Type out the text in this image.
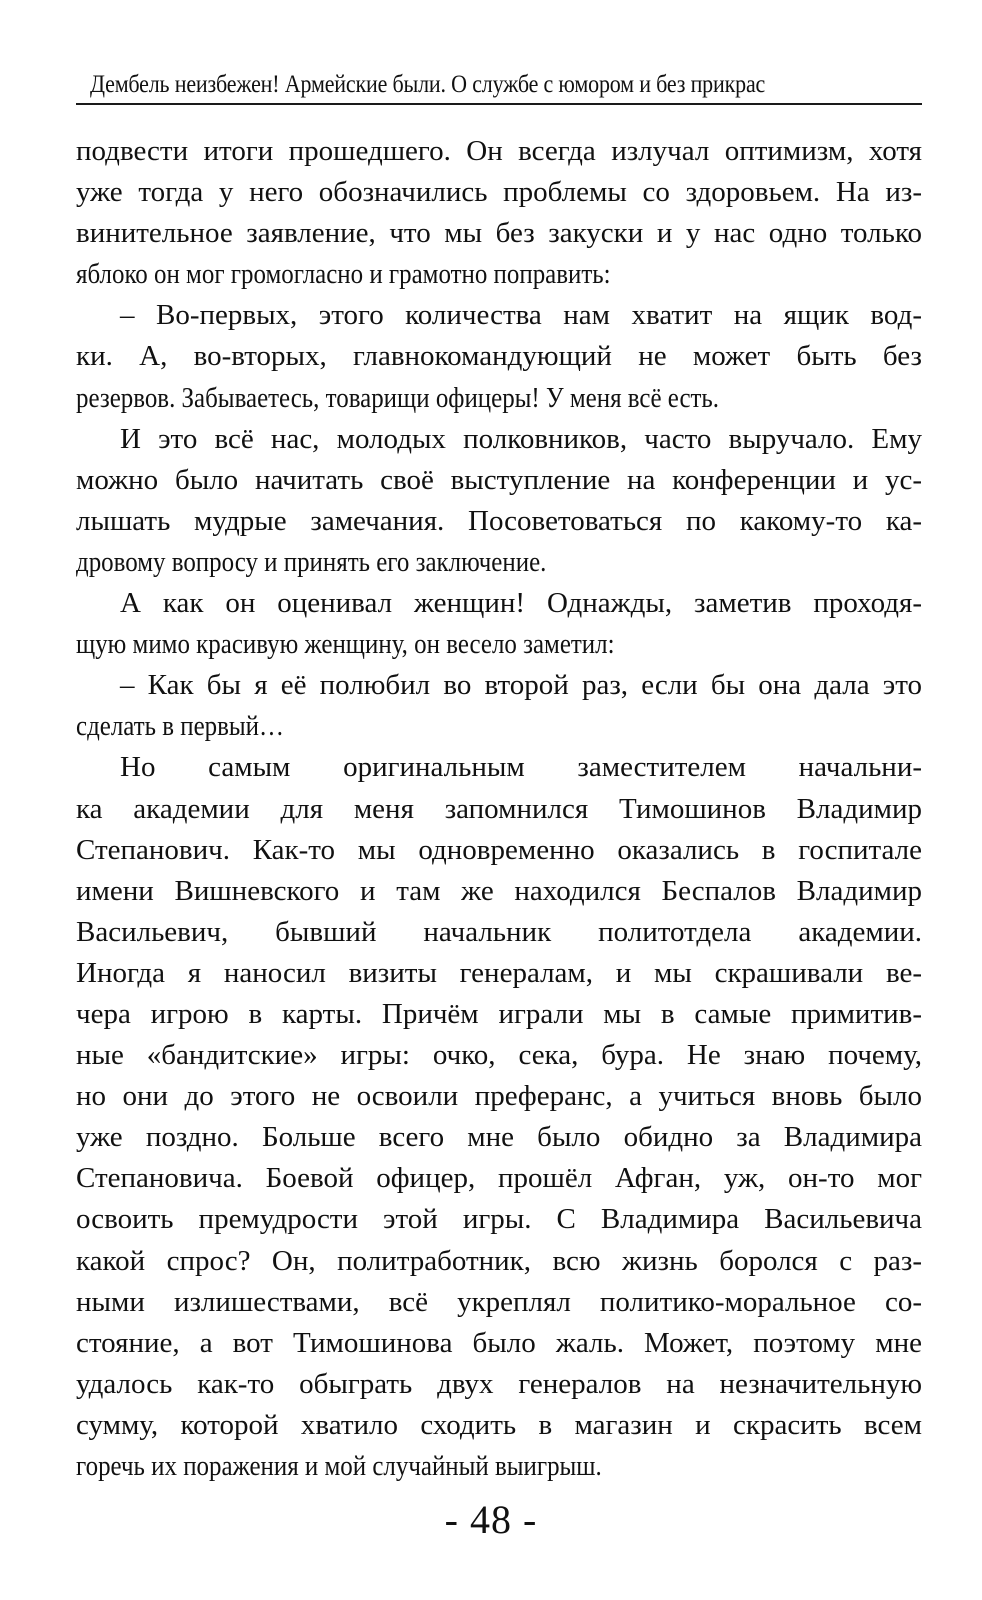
Дембель неизбежен! Армейские были. О службе с юмором и без прикрас
подвести итоги прошедшего. Он всегда излучал оптимизм, хотя
уже тогда у него обозначились проблемы со здоровьем. На из-
винительное заявление, что мы без закуски и у нас одно только
яблоко он мог громогласно и грамотно поправить:
– Во-первых, этого количества нам хватит на ящик вод-
ки. А, во-вторых, главнокомандующий не может быть без
резервов. Забываетесь, товарищи офицеры! У меня всё есть.
И это всё нас, молодых полковников, часто выручало. Ему
можно было начитать своё выступление на конференции и ус-
лышать мудрые замечания. Посоветоваться по какому-то ка-
дровому вопросу и принять его заключение.
А как он оценивал женщин! Однажды, заметив проходя-
щую мимо красивую женщину, он весело заметил:
– Как бы я её полюбил во второй раз, если бы она дала это
сделать в первый…
Но самым оригинальным заместителем начальни-
ка академии для меня запомнился Тимошинов Владимир
Степанович. Как-то мы одновременно оказались в госпитале
имени Вишневского и там же находился Беспалов Владимир
Васильевич, бывший начальник политотдела академии.
Иногда я наносил визиты генералам, и мы скрашивали ве-
чера игрою в карты. Причём играли мы в самые примитив-
ные «бандитские» игры: очко, сека, бура. Не знаю почему,
но они до этого не освоили преферанс, а учиться вновь было
уже поздно. Больше всего мне было обидно за Владимира
Степановича. Боевой офицер, прошёл Афган, уж, он-то мог
освоить премудрости этой игры. С Владимира Васильевича
какой спрос? Он, политработник, всю жизнь боролся с раз-
ными излишествами, всё укреплял политико-моральное со-
стояние, а вот Тимошинова было жаль. Может, поэтому мне
удалось как-то обыграть двух генералов на незначительную
сумму, которой хватило сходить в магазин и скрасить всем
горечь их поражения и мой случайный выигрыш.
- 48 -
